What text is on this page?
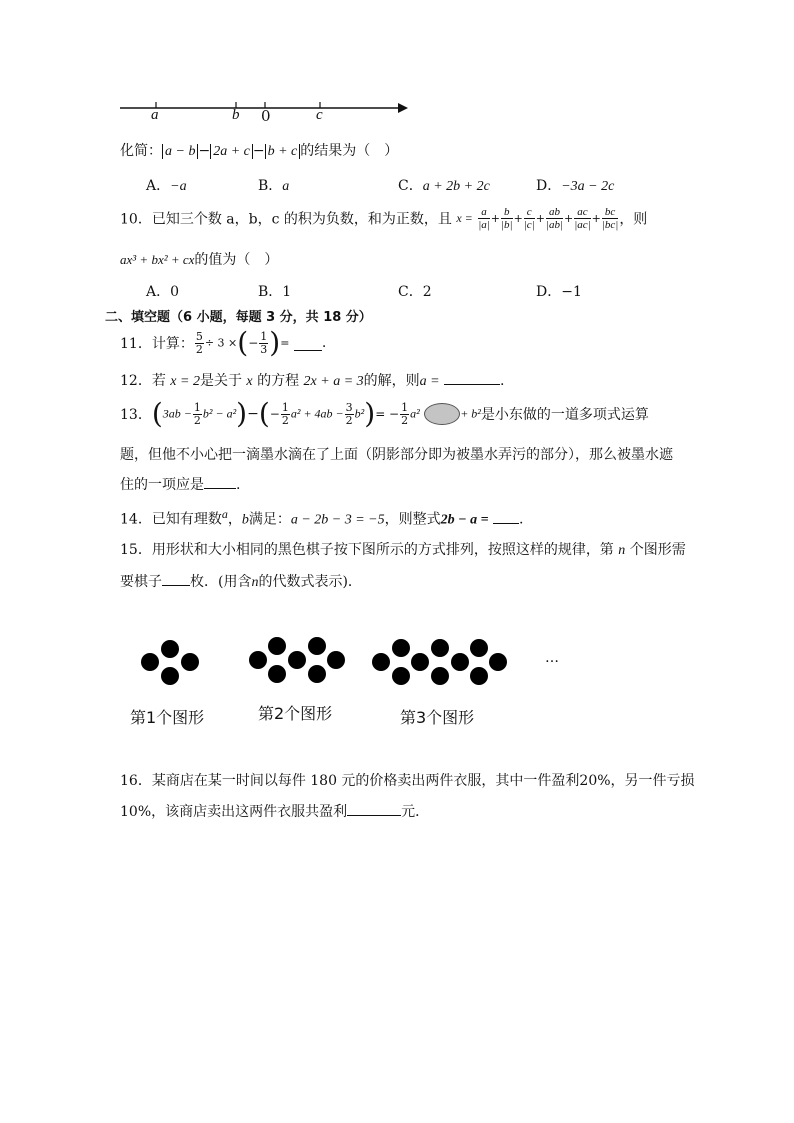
a	b 0	c
化简： a − b − 2a + c − b + c 的结果为（　）
A．−a	B．a	C．a + 2b + 2c	D．−3a − 2c
10．已知三个数 a，b，c 的积为负数，和为正数，且 $x = \frac{a}{|a|} + \frac{b}{|b|} + \frac{c}{|c|} + \frac{ab}{|ab|} + \frac{ac}{|ac|} + \frac{bc}{|bc|}$ ，则
ax³ + bx² + cx的值为（　）
A．0	B．1	C．2	D．−1
二、填空题（6 小题，每题 3 分，共 18 分）
11．计算： $\frac{5}{2} \div 3$ ×(− $\frac{1}{3}$ )= .
12．若 x = 2是关于 x 的方程 2x + a = 3的解，则a =	.
13．$(3ab - \frac{1}{2} b^2 - a^2)-(- \frac{1}{2} a^2 + 4ab - \frac{3}{2} b^2)= - \frac{1}{2} a^2$	+ b²是小东做的一道多项式运算
题，但他不小心把一滴墨水滴在了上面（阴影部分即为被墨水弄污的部分），那么被墨水遮
住的一项应是 .
14．已知有理数a，b满足：a − 2b − 3 = −5，则整式2b − a = .
15．用形状和大小相同的黑色棋子按下图所示的方式排列，按照这样的规律，第 n 个图形需
要棋子 枚．(用含n的代数式表示)．
…
第1个图形	第2个图形	第3个图形
16．某商店在某一时间以每件 180 元的价格卖出两件衣服，其中一件盈利20%，另一件亏损
10%，该商店卖出这两件衣服共盈利	元．
